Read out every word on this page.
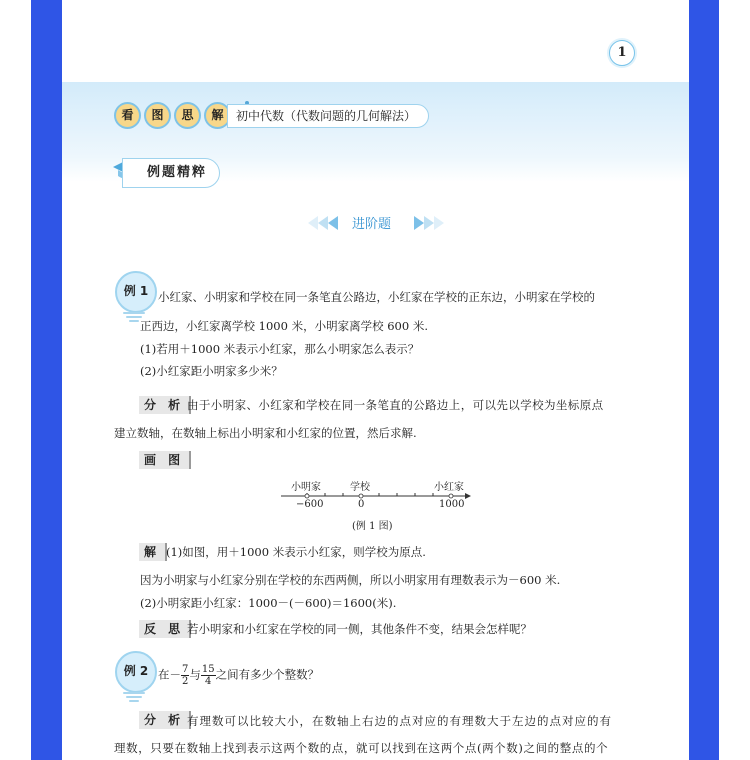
1
看	图	思	解	初中代数（代数问题的几何解法）
例题精粹
进阶题
例 1 小红家、小明家和学校在同一条笔直公路边，小红家在学校的正东边，小明家在学校的
正西边，小红家离学校 1000 米，小明家离学校 600 米.
(1)若用＋1000 米表示小红家，那么小明家怎么表示？
(2)小红家距小明家多少米？
分 析 由于小明家、小红家和学校在同一条笔直的公路边上，可以先以学校为坐标原点
建立数轴，在数轴上标出小明家和小红家的位置，然后求解.
画 图
小明家	学校	小红家
−600	0	1000
(例 1 图)
解 (1)如图，用＋1000 米表示小红家，则学校为原点.
因为小明家与小红家分别在学校的东西两侧，所以小明家用有理数表示为－600 米.
(2)小明家距小红家：1000－(－600)＝1600(米).
反 思 若小明家和小红家在学校的同一侧，其他条件不变，结果会怎样呢？
例 2 在－ $\frac{7}{2}$ 与 $\frac{15}{4}$ 之间有多少个整数？
分 析 有理数可以比较大小，在数轴上右边的点对应的有理数大于左边的点对应的有
理数，只要在数轴上找到表示这两个数的点，就可以找到在这两个点(两个数)之间的整点的个
